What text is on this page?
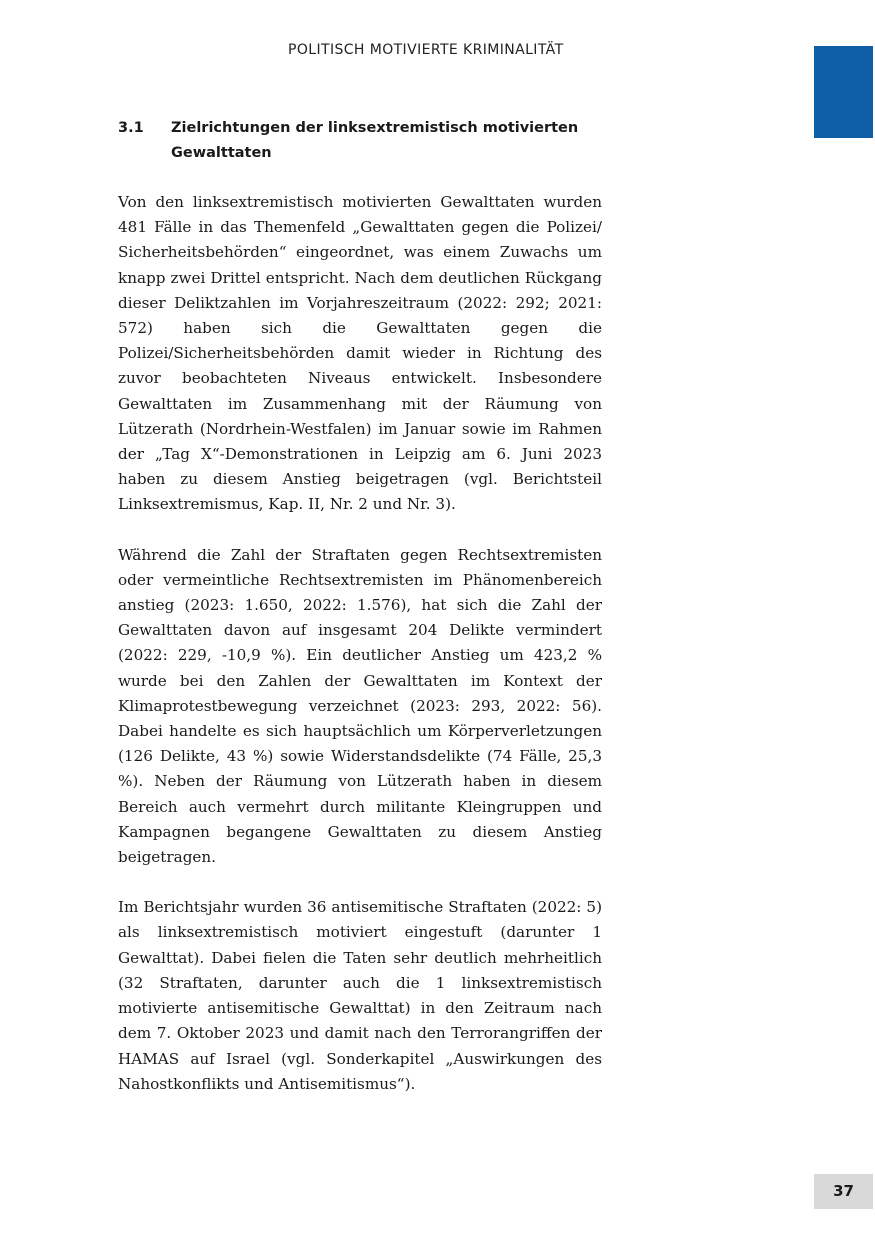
POLITISCH MOTIVIERTE KRIMINALITÄT
3.1 Zielrichtungen der linksextremistisch motivierten Gewalttaten

Von den linksextremistisch motivierten Gewalttaten wurden 481 Fälle in das Themenfeld „Gewalttaten gegen die Polizei/​Sicherheitsbehörden“ eingeordnet, was einem Zuwachs um knapp zwei Drittel entspricht. Nach dem deutlichen Rückgang dieser Deliktzahlen im Vorjahreszeitraum (2022: 292; 2021: 572) haben sich die Gewalttaten gegen die Polizei/Sicherheitsbehörden damit wieder in Richtung des zuvor beobachteten Niveaus entwickelt. Insbesondere Gewalttaten im Zusammenhang mit der Räumung von Lützerath (Nordrhein-Westfalen) im Januar sowie im Rahmen der „Tag X“-Demonstrationen in Leipzig am 6. Juni 2023 haben zu diesem Anstieg beigetragen (vgl. Berichtsteil Linksextremismus, Kap. II, Nr. 2 und Nr. 3).

Während die Zahl der Straftaten gegen Rechtsextremisten oder vermeintliche Rechtsextremisten im Phänomenbereich anstieg (2023: 1.650, 2022: 1.576), hat sich die Zahl der Gewalttaten davon auf insgesamt 204 Delikte vermindert (2022: 229, -10,9 %). Ein deutlicher Anstieg um 423,2 % wurde bei den Zahlen der Gewalttaten im Kontext der Klimaprotestbewegung verzeichnet (2023: 293, 2022: 56). Dabei handelte es sich hauptsächlich um Körperverletzungen (126 Delikte, 43 %) sowie Widerstandsdelikte (74 Fälle, 25,3 %). Neben der Räumung von Lützerath haben in diesem Bereich auch vermehrt durch militante Kleingruppen und Kampagnen begangene Gewalttaten zu diesem Anstieg beigetragen.

Im Berichtsjahr wurden 36 antisemitische Straftaten (2022: 5) als linksextremistisch motiviert eingestuft (darunter 1 Gewalttat). Dabei fielen die Taten sehr deutlich mehrheitlich (32 Straftaten, darunter auch die 1 linksextremistisch motivierte antisemitische Gewalttat) in den Zeitraum nach dem 7. Oktober 2023 und damit nach den Terrorangriffen der HAMAS auf Israel (vgl. Sonderkapitel „Auswirkungen des Nahostkonflikts und Antisemitismus“).

37
